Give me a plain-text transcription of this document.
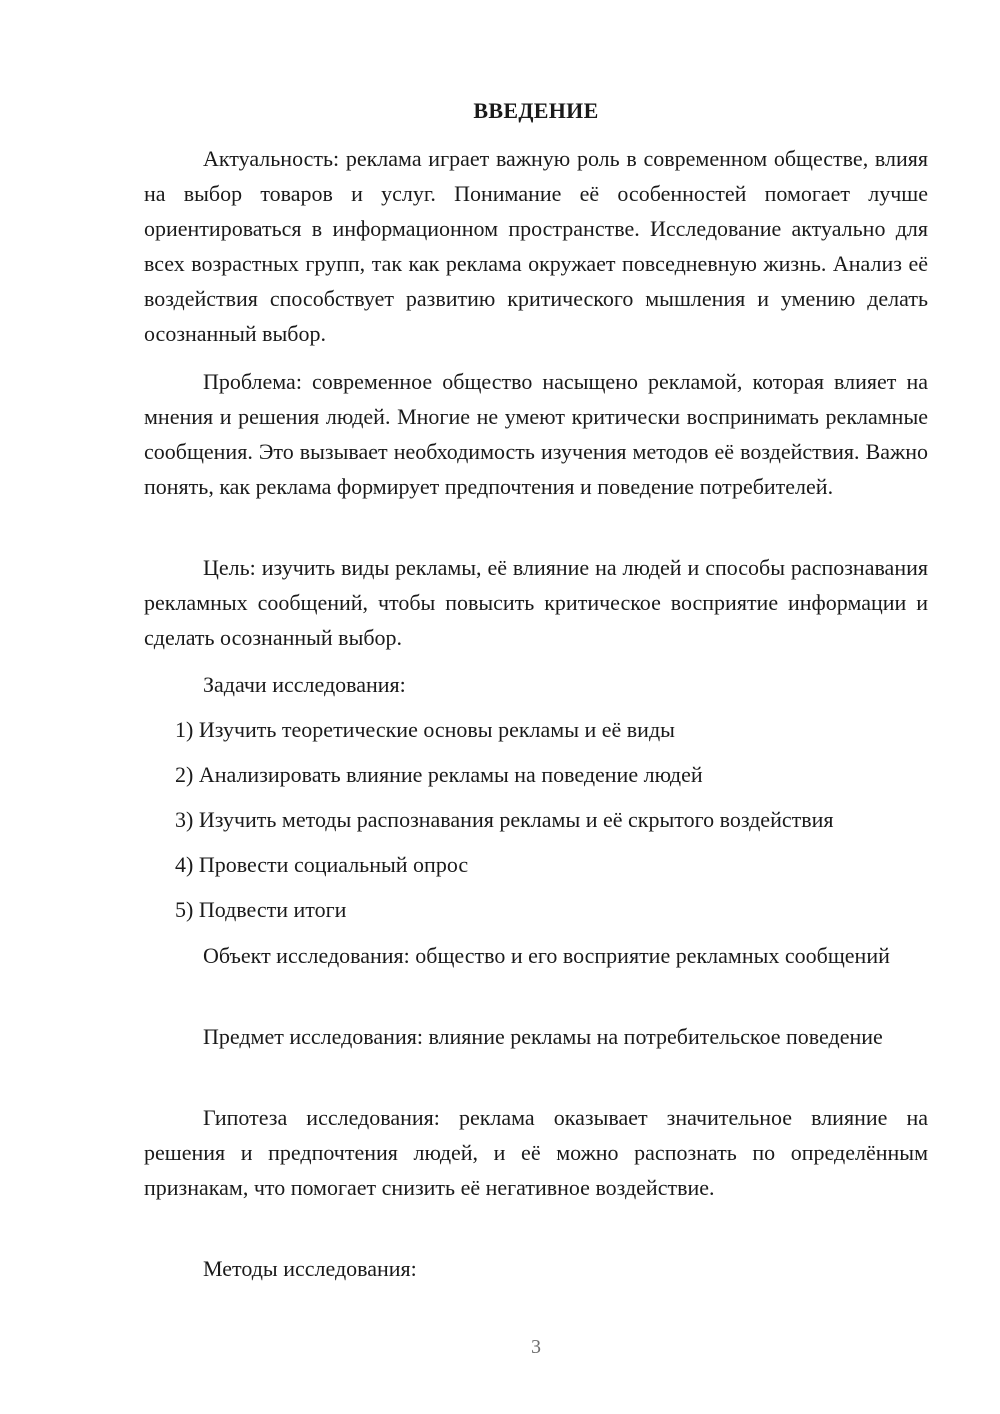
ВВЕДЕНИЕ

Актуальность: реклама играет важную роль в современном обществе, влияя на выбор товаров и услуг. Понимание её особенностей помогает лучше ориентироваться в информационном пространстве. Исследование актуально для всех возрастных групп, так как реклама окружает повседневную жизнь. Анализ её воздействия способствует развитию критического мышления и умению делать осознанный выбор.

Проблема: современное общество насыщено рекламой, которая влияет на мнения и решения людей. Многие не умеют критически воспринимать рекламные сообщения. Это вызывает необходимость изучения методов её воздействия. Важно понять, как реклама формирует предпочтения и поведение потребителей.

Цель: изучить виды рекламы, её влияние на людей и способы распознавания рекламных сообщений, чтобы повысить критическое восприятие информации и сделать осознанный выбор.

Задачи исследования:

1) Изучить теоретические основы рекламы и её виды
2) Анализировать влияние рекламы на поведение людей
3) Изучить методы распознавания рекламы и её скрытого воздействия
4) Провести социальный опрос
5) Подвести итоги

Объект исследования: общество и его восприятие рекламных сообщений

Предмет исследования: влияние рекламы на потребительское поведение

Гипотеза исследования: реклама оказывает значительное влияние на решения и предпочтения людей, и её можно распознать по определённым признакам, что помогает снизить её негативное воздействие.

Методы исследования:

3
